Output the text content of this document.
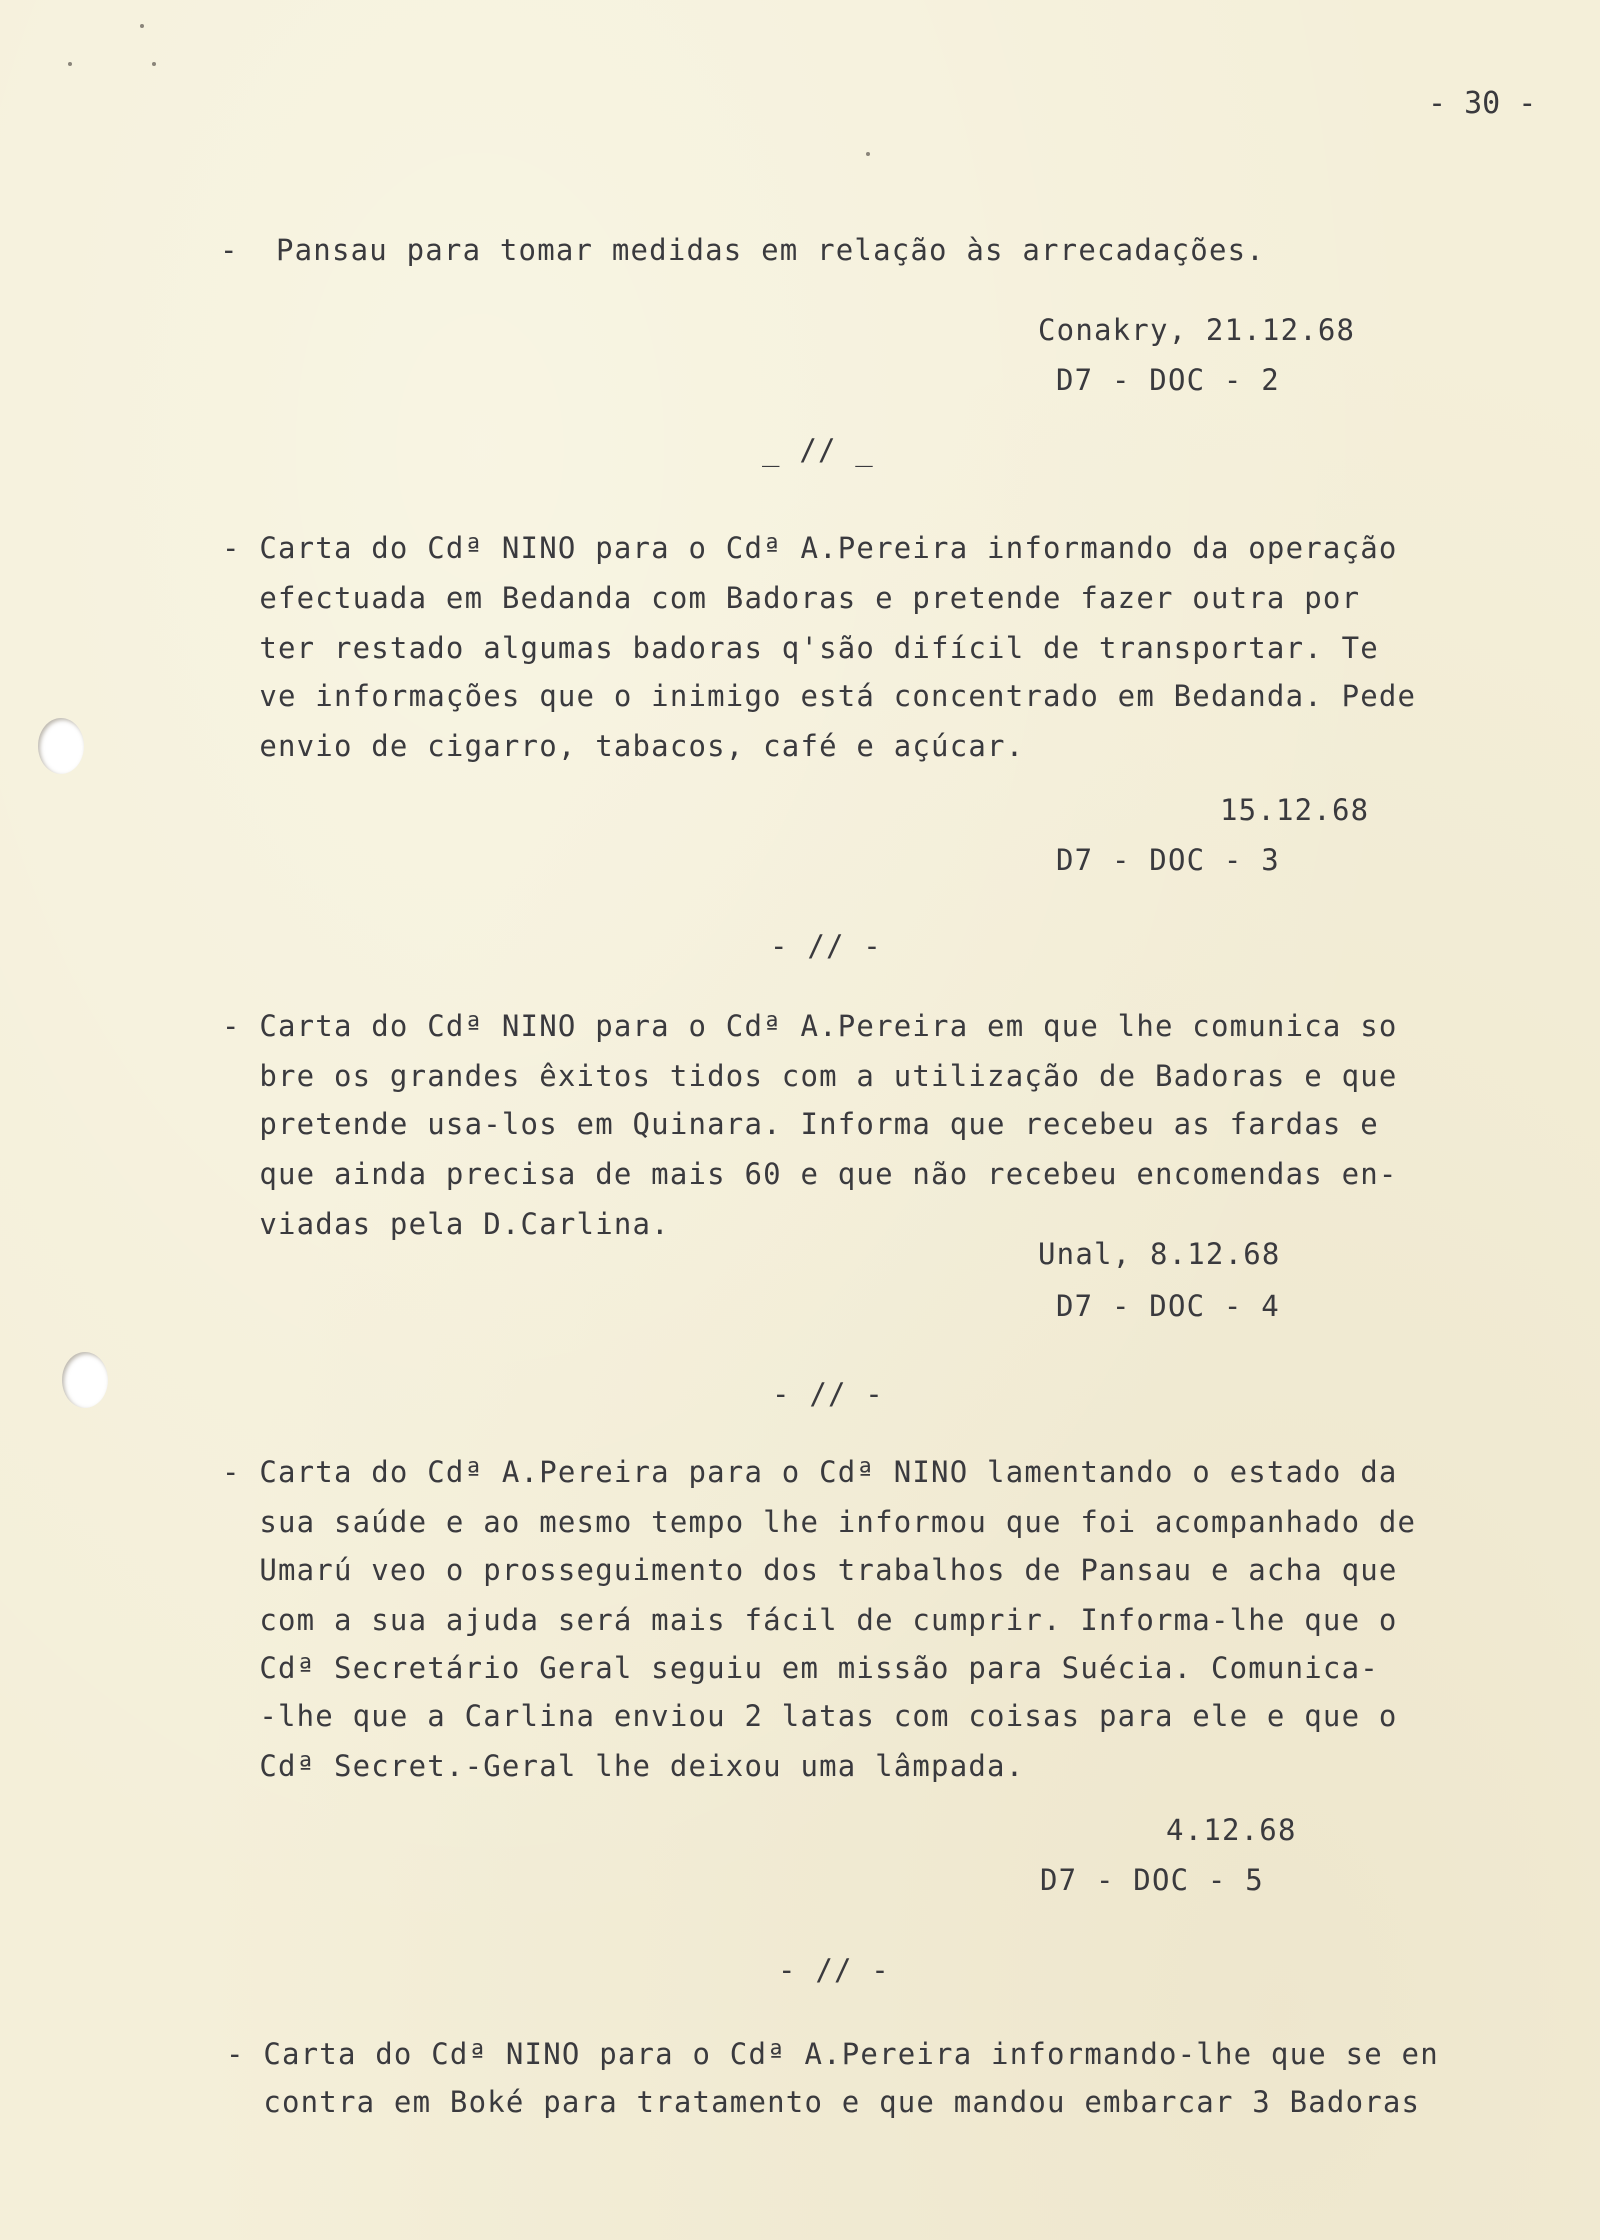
- 30 -
-  Pansau para tomar medidas em relação às arrecadações.
Conakry, 21.12.68
D7 - DOC - 2
_ // _
- Carta do Cdª NINO para o Cdª A.Pereira informando da operação
efectuada em Bedanda com Badoras e pretende fazer outra por
ter restado algumas badoras q'são difícil de transportar. Te
ve informações que o inimigo está concentrado em Bedanda. Pede
envio de cigarro, tabacos, café e açúcar.
15.12.68
D7 - DOC - 3
- // -
- Carta do Cdª NINO para o Cdª A.Pereira em que lhe comunica so
bre os grandes êxitos tidos com a utilização de Badoras e que
pretende usa-los em Quinara. Informa que recebeu as fardas e
que ainda precisa de mais 60 e que não recebeu encomendas en-
viadas pela D.Carlina.
Unal, 8.12.68
D7 - DOC - 4
- // -
- Carta do Cdª A.Pereira para o Cdª NINO lamentando o estado da
sua saúde e ao mesmo tempo lhe informou que foi acompanhado de
Umarú veo o prosseguimento dos trabalhos de Pansau e acha que
com a sua ajuda será mais fácil de cumprir. Informa-lhe que o
Cdª Secretário Geral seguiu em missão para Suécia. Comunica-
-lhe que a Carlina enviou 2 latas com coisas para ele e que o
Cdª Secret.-Geral lhe deixou uma lâmpada.
4.12.68
D7 - DOC - 5
- // -
- Carta do Cdª NINO para o Cdª A.Pereira informando-lhe que se en
contra em Boké para tratamento e que mandou embarcar 3 Badoras
